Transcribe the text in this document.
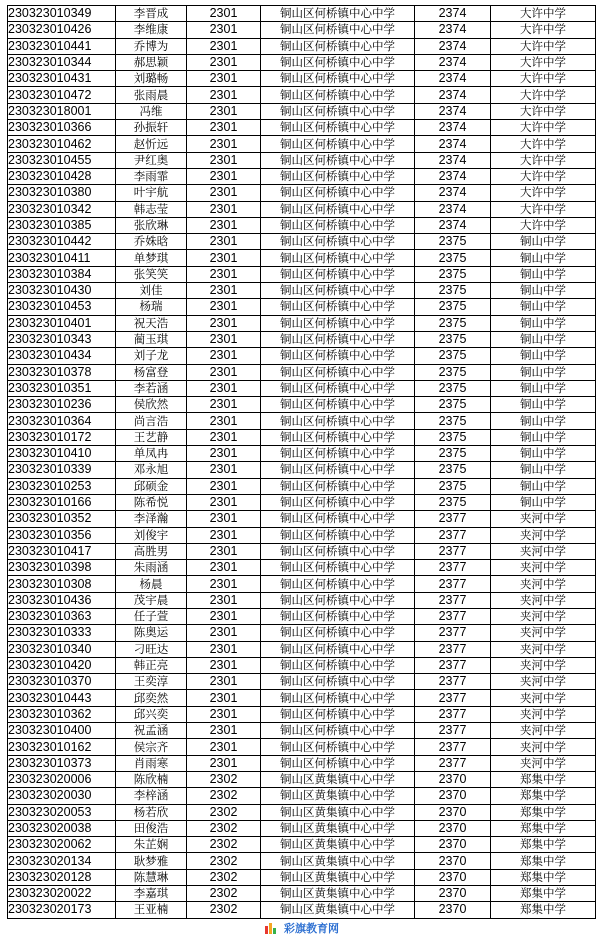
230323010349	李晋成	2301	铜山区何桥镇中心中学	2374	大许中学
230323010426	李维康	2301	铜山区何桥镇中心中学	2374	大许中学
230323010441	乔博为	2301	铜山区何桥镇中心中学	2374	大许中学
230323010344	郝思颖	2301	铜山区何桥镇中心中学	2374	大许中学
230323010431	刘璐畅	2301	铜山区何桥镇中心中学	2374	大许中学
230323010472	张雨晨	2301	铜山区何桥镇中心中学	2374	大许中学
230323018001	冯维	2301	铜山区何桥镇中心中学	2374	大许中学
230323010366	孙振轩	2301	铜山区何桥镇中心中学	2374	大许中学
230323010462	赵忻远	2301	铜山区何桥镇中心中学	2374	大许中学
230323010455	尹红奥	2301	铜山区何桥镇中心中学	2374	大许中学
230323010428	李雨霏	2301	铜山区何桥镇中心中学	2374	大许中学
230323010380	叶宇航	2301	铜山区何桥镇中心中学	2374	大许中学
230323010342	韩志莹	2301	铜山区何桥镇中心中学	2374	大许中学
230323010385	张欣琳	2301	铜山区何桥镇中心中学	2374	大许中学
230323010442	乔姝晗	2301	铜山区何桥镇中心中学	2375	铜山中学
230323010411	单梦琪	2301	铜山区何桥镇中心中学	2375	铜山中学
230323010384	张笑笑	2301	铜山区何桥镇中心中学	2375	铜山中学
230323010430	刘佳	2301	铜山区何桥镇中心中学	2375	铜山中学
230323010453	杨瑞	2301	铜山区何桥镇中心中学	2375	铜山中学
230323010401	祝天浩	2301	铜山区何桥镇中心中学	2375	铜山中学
230323010343	蔺玉琪	2301	铜山区何桥镇中心中学	2375	铜山中学
230323010434	刘子龙	2301	铜山区何桥镇中心中学	2375	铜山中学
230323010378	杨富登	2301	铜山区何桥镇中心中学	2375	铜山中学
230323010351	李若涵	2301	铜山区何桥镇中心中学	2375	铜山中学
230323010236	侯欣然	2301	铜山区何桥镇中心中学	2375	铜山中学
230323010364	尚言浩	2301	铜山区何桥镇中心中学	2375	铜山中学
230323010172	王艺静	2301	铜山区何桥镇中心中学	2375	铜山中学
230323010410	单凤冉	2301	铜山区何桥镇中心中学	2375	铜山中学
230323010339	邓永旭	2301	铜山区何桥镇中心中学	2375	铜山中学
230323010253	邱硕金	2301	铜山区何桥镇中心中学	2375	铜山中学
230323010166	陈希悦	2301	铜山区何桥镇中心中学	2375	铜山中学
230323010352	李泽瀚	2301	铜山区何桥镇中心中学	2377	夹河中学
230323010356	刘俊宇	2301	铜山区何桥镇中心中学	2377	夹河中学
230323010417	高胜男	2301	铜山区何桥镇中心中学	2377	夹河中学
230323010398	朱雨涵	2301	铜山区何桥镇中心中学	2377	夹河中学
230323010308	杨晨	2301	铜山区何桥镇中心中学	2377	夹河中学
230323010436	茂宇晨	2301	铜山区何桥镇中心中学	2377	夹河中学
230323010363	任子萱	2301	铜山区何桥镇中心中学	2377	夹河中学
230323010333	陈奥运	2301	铜山区何桥镇中心中学	2377	夹河中学
230323010340	刁旺达	2301	铜山区何桥镇中心中学	2377	夹河中学
230323010420	韩正亮	2301	铜山区何桥镇中心中学	2377	夹河中学
230323010370	王奕淳	2301	铜山区何桥镇中心中学	2377	夹河中学
230323010443	邱奕然	2301	铜山区何桥镇中心中学	2377	夹河中学
230323010362	邱兴奕	2301	铜山区何桥镇中心中学	2377	夹河中学
230323010400	祝孟涵	2301	铜山区何桥镇中心中学	2377	夹河中学
230323010162	侯宗齐	2301	铜山区何桥镇中心中学	2377	夹河中学
230323010373	肖雨寒	2301	铜山区何桥镇中心中学	2377	夹河中学
230323020006	陈欣楠	2302	铜山区黄集镇中心中学	2370	郑集中学
230323020030	李梓涵	2302	铜山区黄集镇中心中学	2370	郑集中学
230323020053	杨若欣	2302	铜山区黄集镇中心中学	2370	郑集中学
230323020038	田俊浩	2302	铜山区黄集镇中心中学	2370	郑集中学
230323020062	朱芷娴	2302	铜山区黄集镇中心中学	2370	郑集中学
230323020134	耿梦雅	2302	铜山区黄集镇中心中学	2370	郑集中学
230323020128	陈慧琳	2302	铜山区黄集镇中心中学	2370	郑集中学
230323020022	李嘉琪	2302	铜山区黄集镇中心中学	2370	郑集中学
230323020173	王亚楠	2302	铜山区黄集镇中心中学	2370	郑集中学
彩旗教育网
